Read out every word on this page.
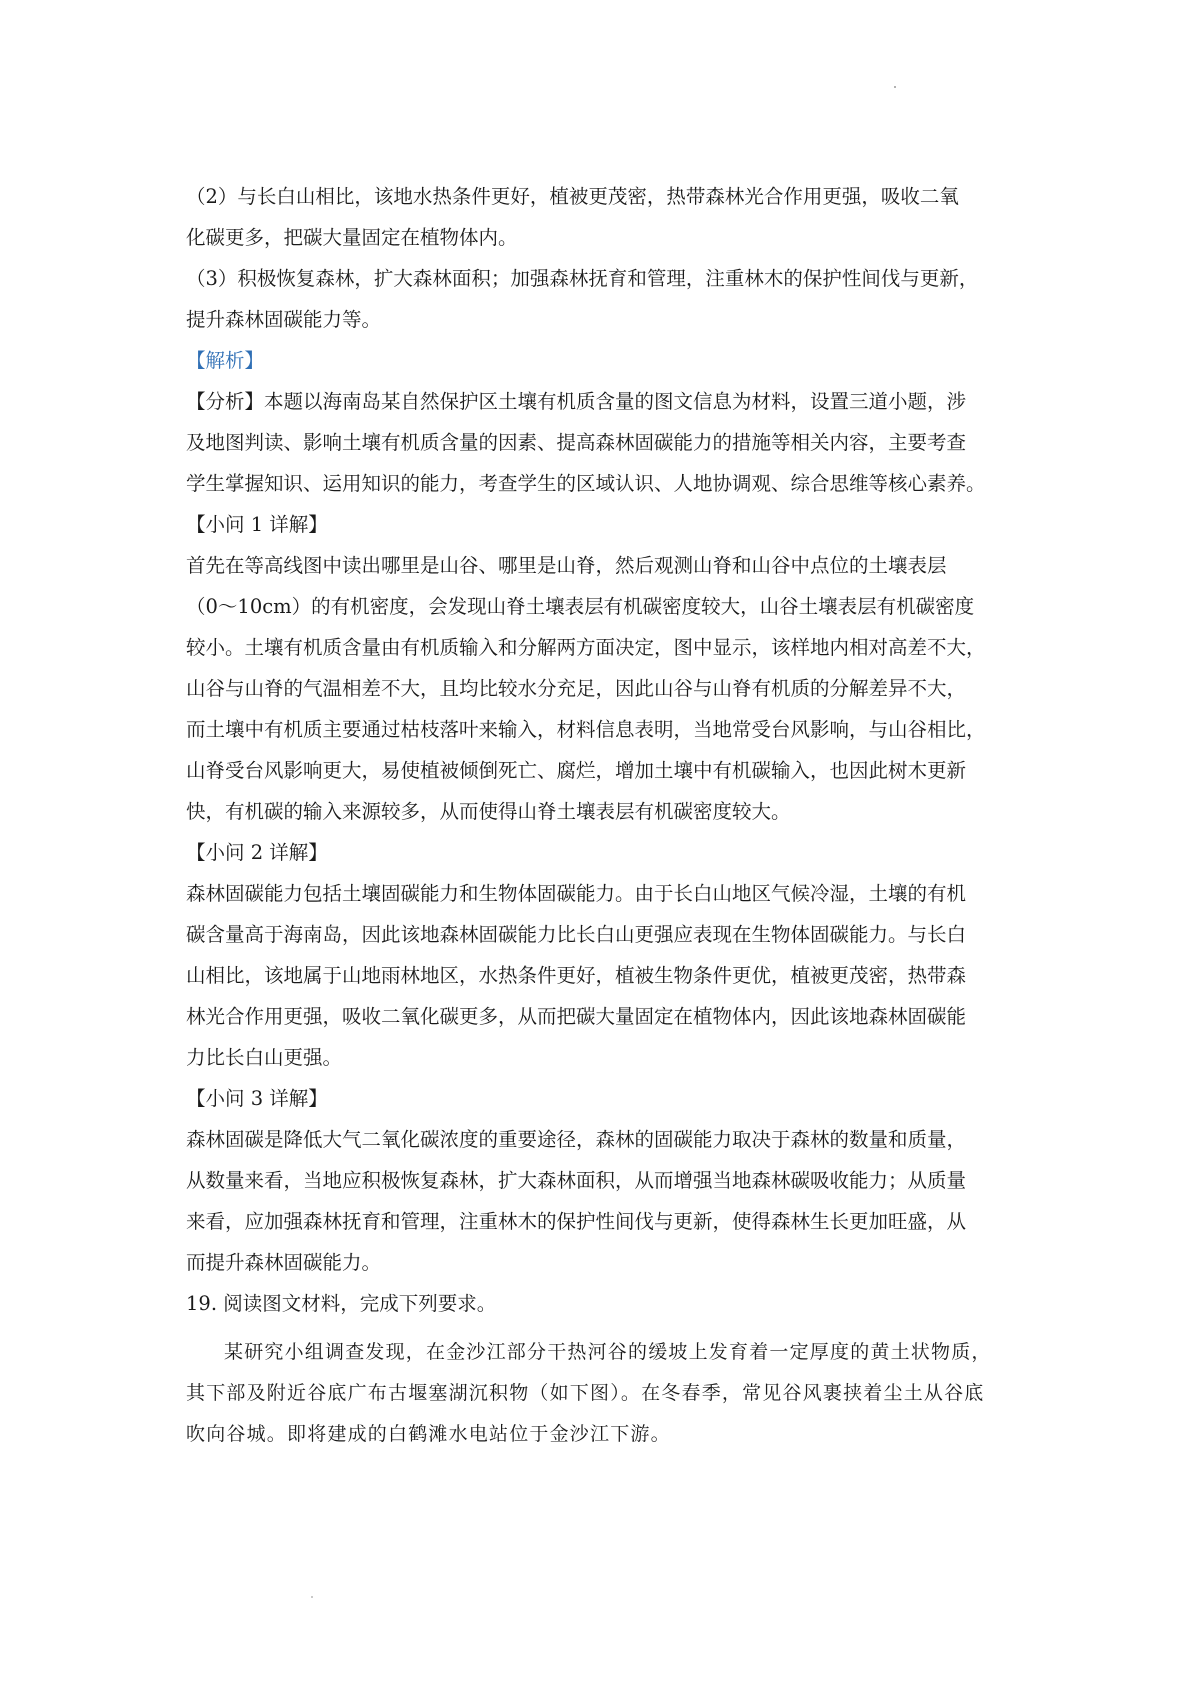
（2）与长白山相比，该地水热条件更好，植被更茂密，热带森林光合作用更强，吸收二氧
化碳更多，把碳大量固定在植物体内。
（3）积极恢复森林，扩大森林面积；加强森林抚育和管理，注重林木的保护性间伐与更新，
提升森林固碳能力等。
【解析】
【分析】本题以海南岛某自然保护区土壤有机质含量的图文信息为材料，设置三道小题，涉
及地图判读、影响土壤有机质含量的因素、提高森林固碳能力的措施等相关内容，主要考查
学生掌握知识、运用知识的能力，考查学生的区域认识、人地协调观、综合思维等核心素养。
【小问 1 详解】
首先在等高线图中读出哪里是山谷、哪里是山脊，然后观测山脊和山谷中点位的土壤表层
（0～10cm）的有机密度，会发现山脊土壤表层有机碳密度较大，山谷土壤表层有机碳密度
较小。土壤有机质含量由有机质输入和分解两方面决定，图中显示，该样地内相对高差不大，
山谷与山脊的气温相差不大，且均比较水分充足，因此山谷与山脊有机质的分解差异不大，
而土壤中有机质主要通过枯枝落叶来输入，材料信息表明，当地常受台风影响，与山谷相比，
山脊受台风影响更大，易使植被倾倒死亡、腐烂，增加土壤中有机碳输入，也因此树木更新
快，有机碳的输入来源较多，从而使得山脊土壤表层有机碳密度较大。
【小问 2 详解】
森林固碳能力包括土壤固碳能力和生物体固碳能力。由于长白山地区气候冷湿，土壤的有机
碳含量高于海南岛，因此该地森林固碳能力比长白山更强应表现在生物体固碳能力。与长白
山相比，该地属于山地雨林地区，水热条件更好，植被生物条件更优，植被更茂密，热带森
林光合作用更强，吸收二氧化碳更多，从而把碳大量固定在植物体内，因此该地森林固碳能
力比长白山更强。
【小问 3 详解】
森林固碳是降低大气二氧化碳浓度的重要途径，森林的固碳能力取决于森林的数量和质量，
从数量来看，当地应积极恢复森林，扩大森林面积，从而增强当地森林碳吸收能力；从质量
来看，应加强森林抚育和管理，注重林木的保护性间伐与更新，使得森林生长更加旺盛，从
而提升森林固碳能力。
19. 阅读图文材料，完成下列要求。
某研究小组调查发现，在金沙江部分干热河谷的缓坡上发育着一定厚度的黄土状物质，
其下部及附近谷底广布古堰塞湖沉积物（如下图）。在冬春季，常见谷风裹挟着尘土从谷底
吹向谷城。即将建成的白鹤滩水电站位于金沙江下游。
